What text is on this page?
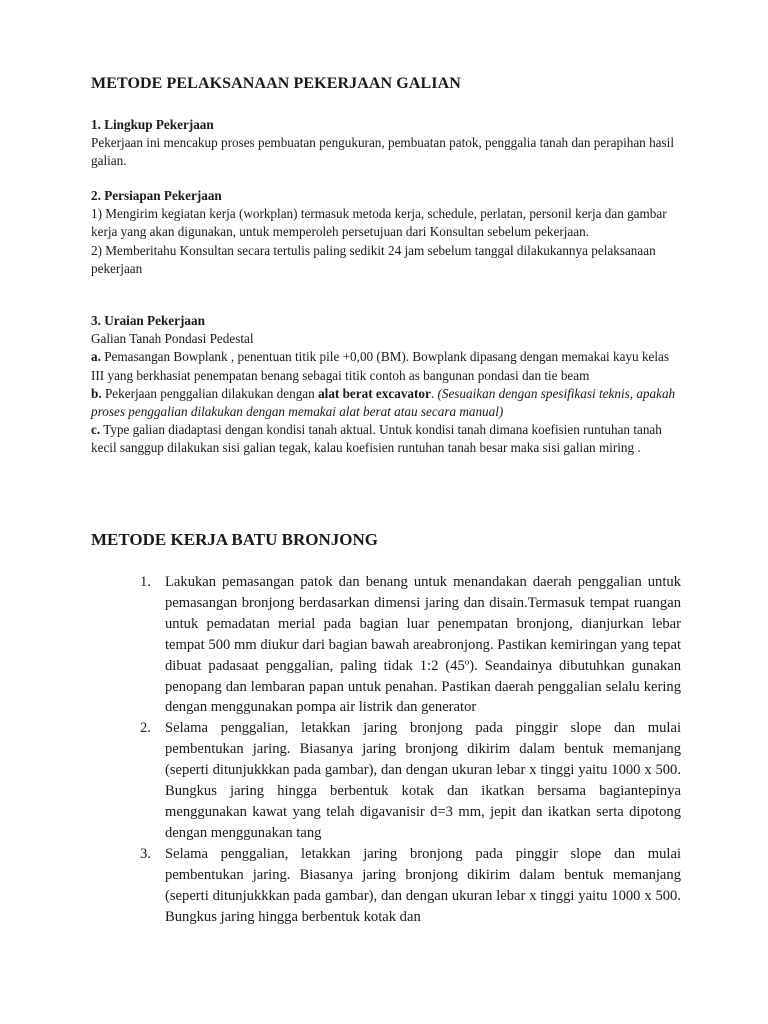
METODE PELAKSANAAN PEKERJAAN GALIAN

1. Lingkup Pekerjaan

Pekerjaan ini mencakup proses pembuatan pengukuran, pembuatan patok, penggalia tanah dan perapihan hasil galian.

2. Persiapan Pekerjaan

1) Mengirim kegiatan kerja (workplan) termasuk metoda kerja, schedule, perlatan, personil kerja dan gambar kerja yang akan digunakan, untuk memperoleh persetujuan dari Konsultan sebelum pekerjaan.

2) Memberitahu Konsultan secara tertulis paling sedikit 24 jam sebelum tanggal dilakukannya pelaksanaan pekerjaan

3. Uraian Pekerjaan

Galian Tanah Pondasi Pedestal

a. Pemasangan Bowplank , penentuan titik pile +0,00 (BM). Bowplank dipasang dengan memakai kayu kelas III yang berkhasiat penempatan benang sebagai titik contoh as bangunan pondasi dan tie beam

b. Pekerjaan penggalian dilakukan dengan alat berat excavator. (Sesuaikan dengan spesifikasi teknis, apakah proses penggalian dilakukan dengan memakai alat berat atau secara manual)

c. Type galian diadaptasi dengan kondisi tanah aktual. Untuk kondisi tanah dimana koefisien runtuhan tanah kecil sanggup dilakukan sisi galian tegak, kalau koefisien runtuhan tanah besar maka sisi galian miring .

METODE KERJA BATU BRONJONG
1. Lakukan pemasangan patok dan benang untuk menandakan daerah penggalian untuk pemasangan bronjong berdasarkan dimensi jaring dan disain.Termasuk tempat ruangan untuk pemadatan merial pada bagian luar penempatan bronjong, dianjurkan lebar tempat 500 mm diukur dari bagian bawah areabronjong. Pastikan kemiringan yang tepat dibuat padasaat penggalian, paling tidak 1:2 (45º). Seandainya dibutuhkan gunakan penopang dan lembaran papan untuk penahan. Pastikan daerah penggalian selalu kering dengan menggunakan pompa air listrik dan generator
2. Selama penggalian, letakkan jaring bronjong pada pinggir slope dan mulai pembentukan jaring. Biasanya jaring bronjong dikirim dalam bentuk memanjang (seperti ditunjukkkan pada gambar), dan dengan ukuran lebar x tinggi yaitu 1000 x 500. Bungkus jaring hingga berbentuk kotak dan ikatkan bersama bagiantepinya menggunakan kawat yang telah digavanisir d=3 mm, jepit dan ikatkan serta dipotong dengan menggunakan tang
3. Selama penggalian, letakkan jaring bronjong pada pinggir slope dan mulai pembentukan jaring. Biasanya jaring bronjong dikirim dalam bentuk memanjang (seperti ditunjukkkan pada gambar), dan dengan ukuran lebar x tinggi yaitu 1000 x 500. Bungkus jaring hingga berbentuk kotak dan
